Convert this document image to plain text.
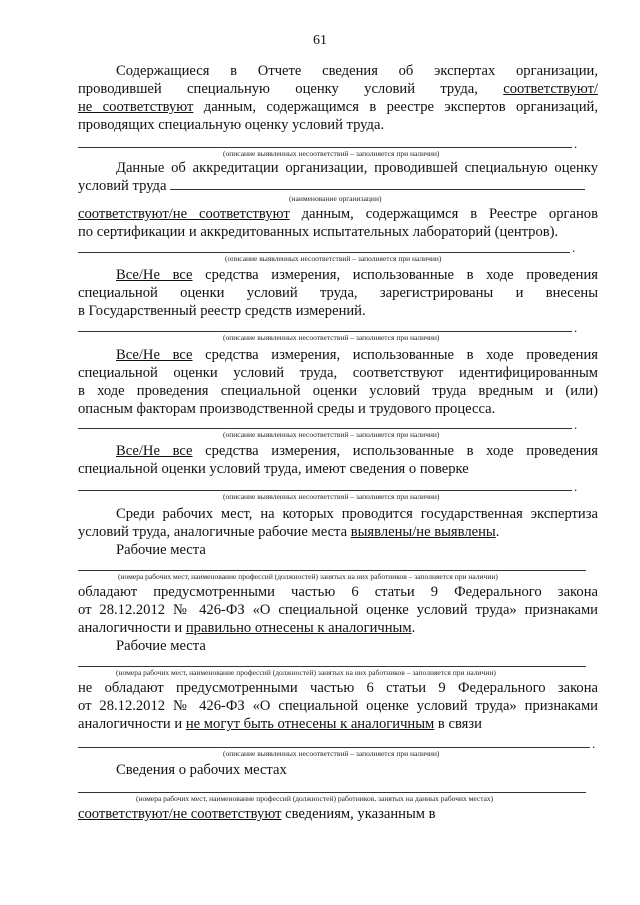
61
Содержащиеся в Отчете сведения об экспертах организации,
проводившей специальную оценку условий труда, соответствуют/
не соответствуют данным, содержащимся в реестре экспертов организаций,
проводящих специальную оценку условий труда.
.
(описание выявленных несоответствий – заполняется при наличии)
Данные об аккредитации организации, проводившей специальную оценку
условий труда
(наименование организации)
соответствуют/не соответствуют данным, содержащимся в Реестре органов
по сертификации и аккредитованных испытательных лабораторий (центров).
.
(описание выявленных несоответствий – заполняется при наличии)
Все/Не все средства измерения, использованные в ходе проведения
специальной оценки условий труда, зарегистрированы и внесены
в Государственный реестр средств измерений.
.
(описание выявленных несоответствий – заполняется при наличии)
Все/Не все средства измерения, использованные в ходе проведения
специальной оценки условий труда, соответствуют идентифицированным
в ходе проведения специальной оценки условий труда вредным и (или)
опасным факторам производственной среды и трудового процесса.
.
(описание выявленных несоответствий – заполняется при наличии)
Все/Не все средства измерения, использованные в ходе проведения
специальной оценки условий труда, имеют сведения о поверке
.
(описание выявленных несоответствий – заполняется при наличии)
Среди рабочих мест, на которых проводится государственная экспертиза
условий труда, аналогичные рабочие места выявлены/не выявлены.
Рабочие места
(номера рабочих мест, наименование профессий (должностей) занятых на них работников – заполняется при наличии)
обладают предусмотренными частью 6 статьи 9 Федерального закона
от 28.12.2012 № 426-ФЗ «О специальной оценке условий труда» признаками
аналогичности и правильно отнесены к аналогичным.
Рабочие места
(номера рабочих мест, наименование профессий (должностей) занятых на них работников – заполняется при наличии)
не обладают предусмотренными частью 6 статьи 9 Федерального закона
от 28.12.2012 № 426-ФЗ «О специальной оценке условий труда» признаками
аналогичности и не могут быть отнесены к аналогичным в связи
.
(описание выявленных несоответствий – заполняется при наличии)
Сведения о рабочих местах
(номера рабочих мест, наименование профессий (должностей) работников, занятых на данных рабочих местах)
соответствуют/не соответствуют сведениям, указанным в
